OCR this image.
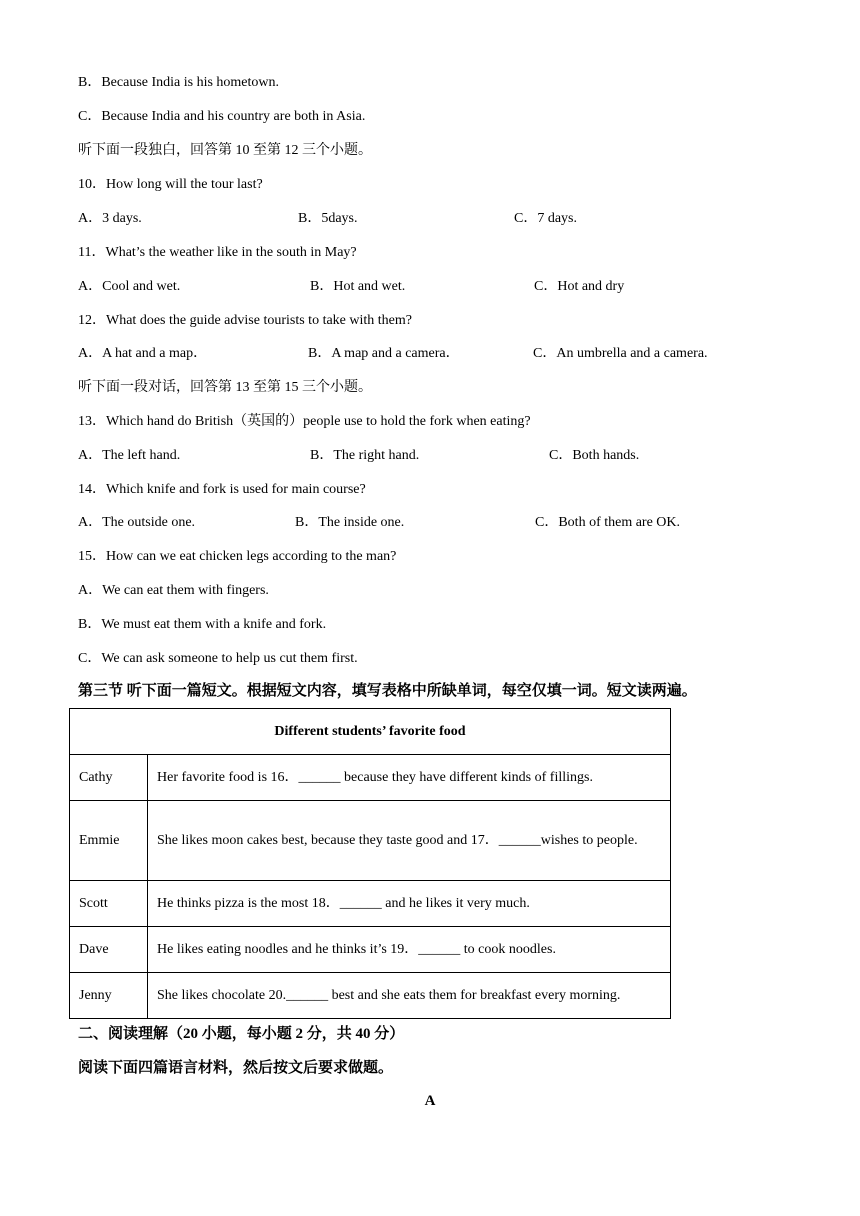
B．Because India is his hometown.
C．Because India and his country are both in Asia.
听下面一段独白，回答第 10 至第 12 三个小题。
10．How long will the tour last?
A．3 days.	B．5days.	C．7 days.
11．What’s the weather like in the south in May?
A．Cool and wet.	B．Hot and wet.	C．Hot and dry
12．What does the guide advise tourists to take with them?
A．A hat and a map．	B．A map and a camera．	C．An umbrella and a camera.
听下面一段对话，回答第 13 至第 15 三个小题。
13．Which hand do British（英国的）people use to hold the fork when eating?
A．The left hand.	B．The right hand.	C．Both hands.
14．Which knife and fork is used for main course?
A．The outside one.	B．The inside one.	C．Both of them are OK.
15．How can we eat chicken legs according to the man?
A．We can eat them with fingers.
B．We must eat them with a knife and fork.
C．We can ask someone to help us cut them first.
第三节 听下面一篇短文。根据短文内容，填写表格中所缺单词，每空仅填一词。短文读两遍。
Different students’ favorite food	
Cathy	Her favorite food is 16．______ because they have different kinds of fillings.
Emmie	She likes moon cakes best, because they taste good and 17．______wishes to people.
Scott	He thinks pizza is the most 18．______ and he likes it very much.
Dave	He likes eating noodles and he thinks it’s 19．______ to cook noodles.
Jenny	She likes chocolate 20.______ best and she eats them for breakfast every morning.
二、阅读理解（20 小题，每小题 2 分，共 40 分）
阅读下面四篇语言材料，然后按文后要求做题。
A
